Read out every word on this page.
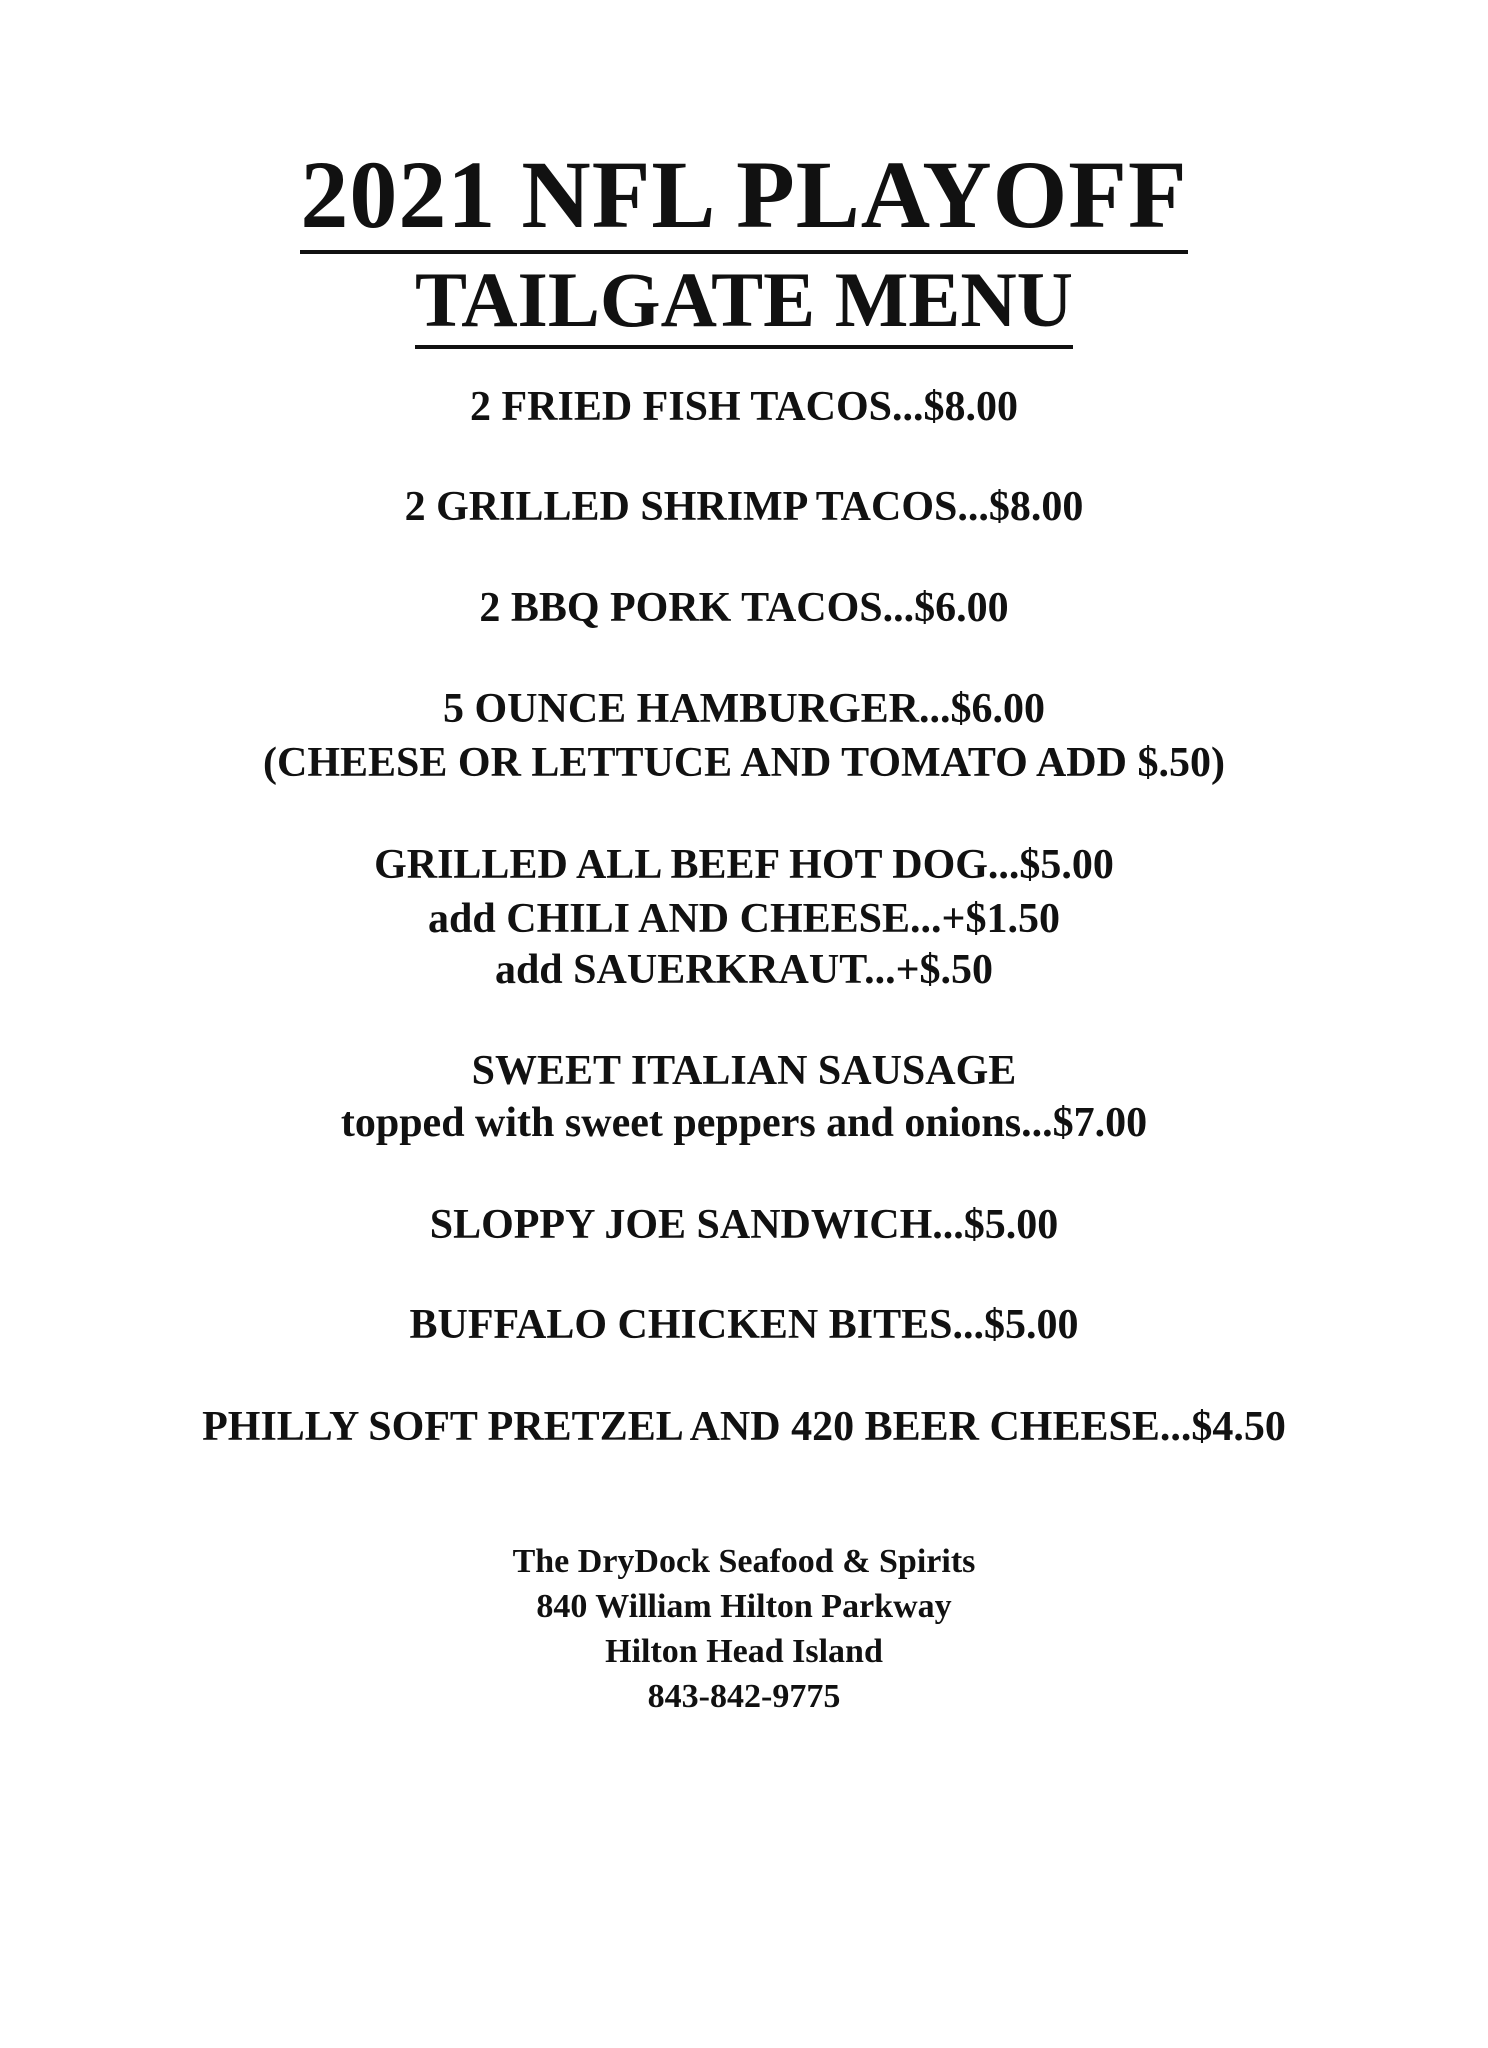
2021 NFL PLAYOFF
TAILGATE MENU
2 FRIED FISH TACOS...$8.00
2 GRILLED SHRIMP TACOS...$8.00
2 BBQ PORK TACOS...$6.00
5 OUNCE HAMBURGER...$6.00
(CHEESE OR LETTUCE AND TOMATO ADD $.50)
GRILLED ALL BEEF HOT DOG...$5.00
add CHILI AND CHEESE...+$1.50
add SAUERKRAUT...+$.50
SWEET ITALIAN SAUSAGE
topped with sweet peppers and onions...$7.00
SLOPPY JOE SANDWICH...$5.00
BUFFALO CHICKEN BITES...$5.00
PHILLY SOFT PRETZEL AND 420 BEER CHEESE...$4.50
The DryDock Seafood & Spirits
840 William Hilton Parkway
Hilton Head Island
843-842-9775
